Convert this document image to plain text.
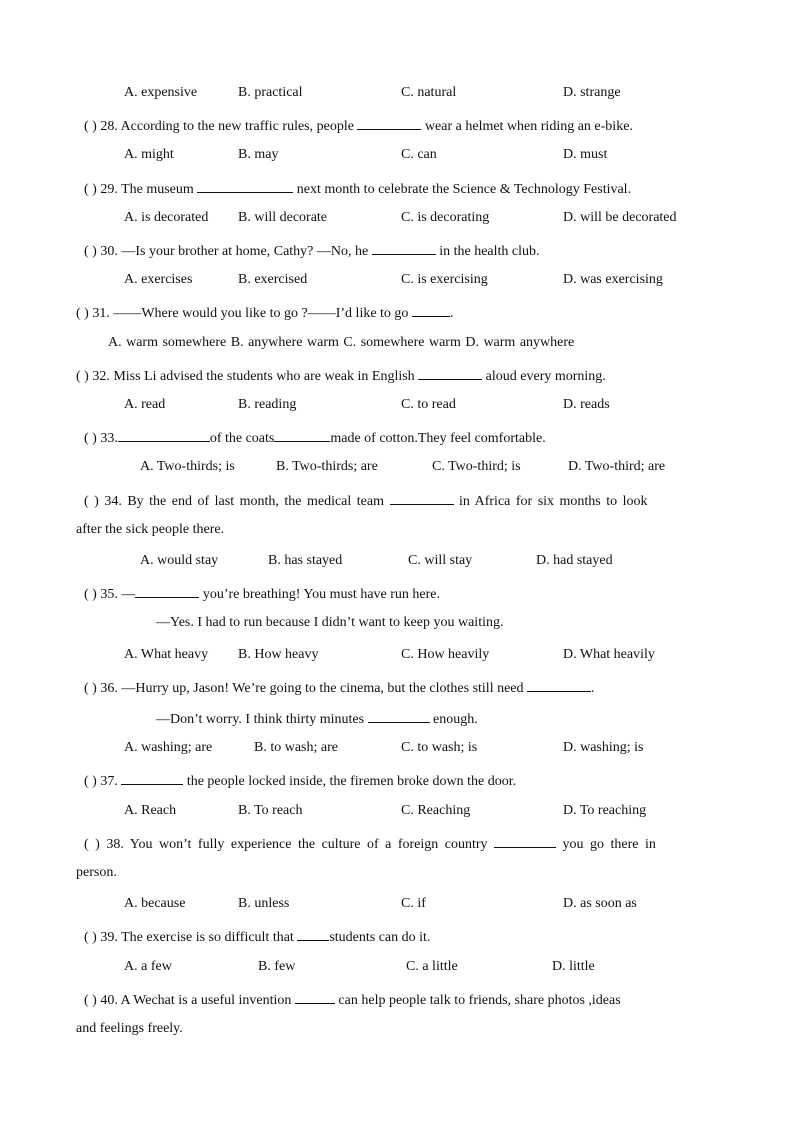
A. expensive	B. practical	C. natural	D. strange
( ) 28. According to the new traffic rules, people	wear a helmet when riding an e-bike.
A. might	B. may	C. can	D. must
( ) 29. The museum	next month to celebrate the Science & Technology Festival.
A. is decorated B. will decorate	C. is decorating	D. will be decorated
( ) 30. —Is your brother at home, Cathy? —No, he	in the health club.
A. exercises	B. exercised	C. is exercising	D. was exercising
( ) 31. ——Where would you like to go ?——I’d like to go	.
A. warm somewhere B. anywhere warm C. somewhere warm D. warm anywhere
( ) 32. Miss Li advised the students who are weak in English	aloud every morning.
A. read	B. reading	C. to read	D. reads
( ) 33.	of the coats	made of cotton.They feel comfortable.
A. Two-thirds; is	B. Two-thirds; are	C. Two-third; is	D. Two-third; are
( ) 34. By the end of last month, the medical team	in Africa for six months to look
after the sick people there.
A. would stay	B. has stayed	C. will stay	D. had stayed
( ) 35. —	you’re breathing! You must have run here.
—Yes. I had to run because I didn’t want to keep you waiting.
A. What heavy B. How heavy	C. How heavily	D. What heavily
( ) 36. —Hurry up, Jason! We’re going to the cinema, but the clothes still need	.
—Don’t worry. I think thirty minutes	enough.
A. washing; are	B. to wash; are	C. to wash; is	D. washing; is
( ) 37.	the people locked inside, the firemen broke down the door.
A. Reach	B. To reach	C. Reaching	D. To reaching
( ) 38. You won’t fully experience the culture of a foreign country	you go there in
person.
A. because	B. unless	C. if	D. as soon as
( ) 39. The exercise is so difficult that	students can do it.
A. a few	B. few	C. a little	D. little
( ) 40. A Wechat is a useful invention	can help people talk to friends, share photos ,ideas
and feelings freely.
